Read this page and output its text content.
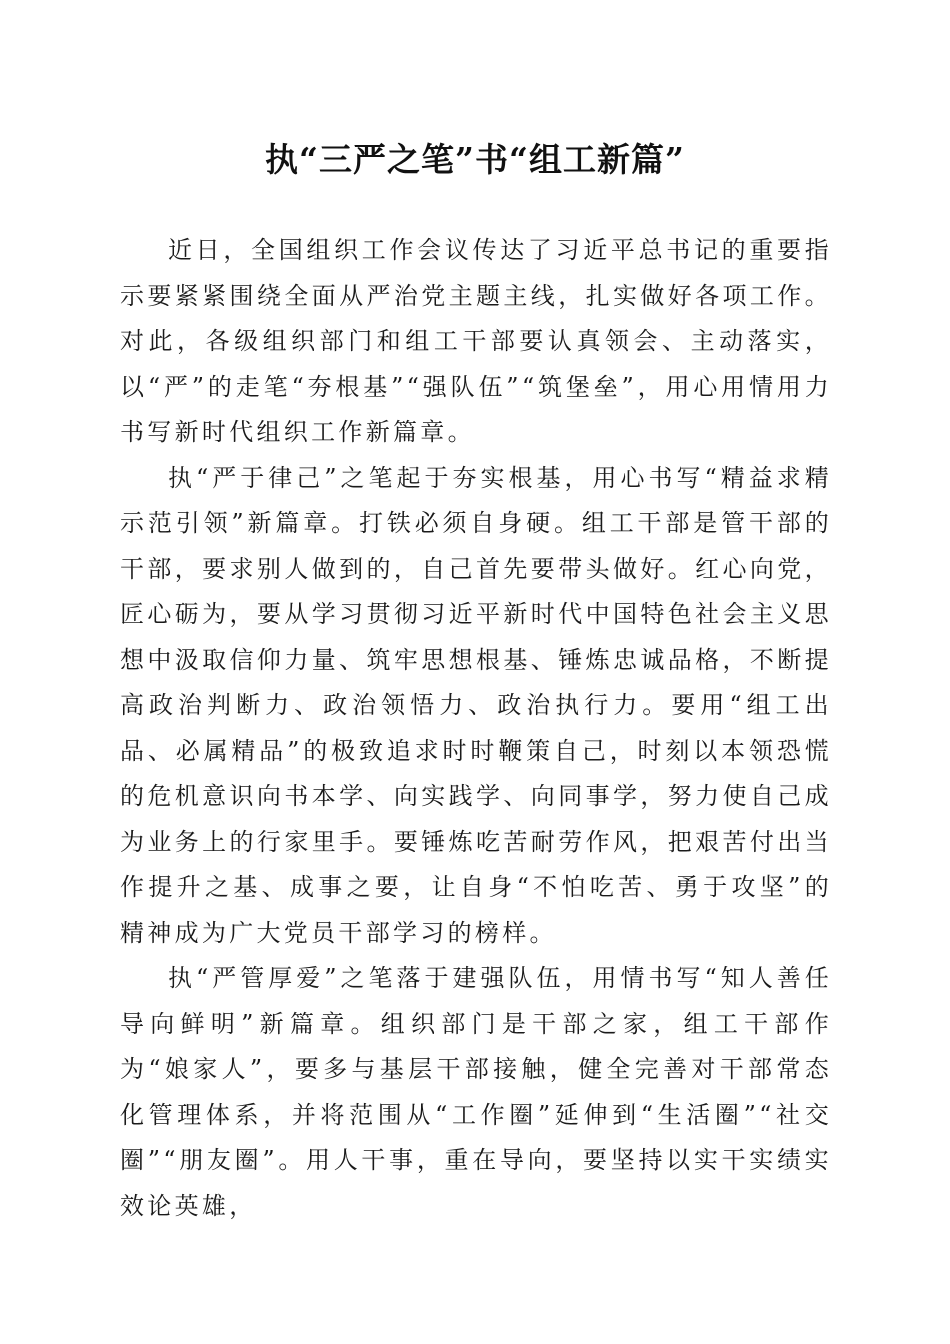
执“三严之笔”书“组工新篇”

近日，全国组织工作会议传达了习近平总书记的重要指示要紧紧围绕全面从严治党主题主线，扎实做好各项工作。对此，各级组织部门和组工干部要认真领会、主动落实，以“严”的走笔“夯根基”“强队伍”“筑堡垒”，用心用情用力书写新时代组织工作新篇章。

执“严于律己”之笔起于夯实根基，用心书写“精益求精示范引领”新篇章。打铁必须自身硬。组工干部是管干部的干部，要求别人做到的，自己首先要带头做好。红心向党，匠心砺为，要从学习贯彻习近平新时代中国特色社会主义思想中汲取信仰力量、筑牢思想根基、锤炼忠诚品格，不断提高政治判断力、政治领悟力、政治执行力。要用“组工出品、必属精品”的极致追求时时鞭策自己，时刻以本领恐慌的危机意识向书本学、向实践学、向同事学，努力使自己成为业务上的行家里手。要锤炼吃苦耐劳作风，把艰苦付出当作提升之基、成事之要，让自身“不怕吃苦、勇于攻坚”的精神成为广大党员干部学习的榜样。

执“严管厚爱”之笔落于建强队伍，用情书写“知人善任导向鲜明”新篇章。组织部门是干部之家，组工干部作为“娘家人”，要多与基层干部接触，健全完善对干部常态化管理体系，并将范围从“工作圈”延伸到“生活圈”“社交圈”“朋友圈”。用人干事，重在导向，要坚持以实干实绩实效论英雄，
